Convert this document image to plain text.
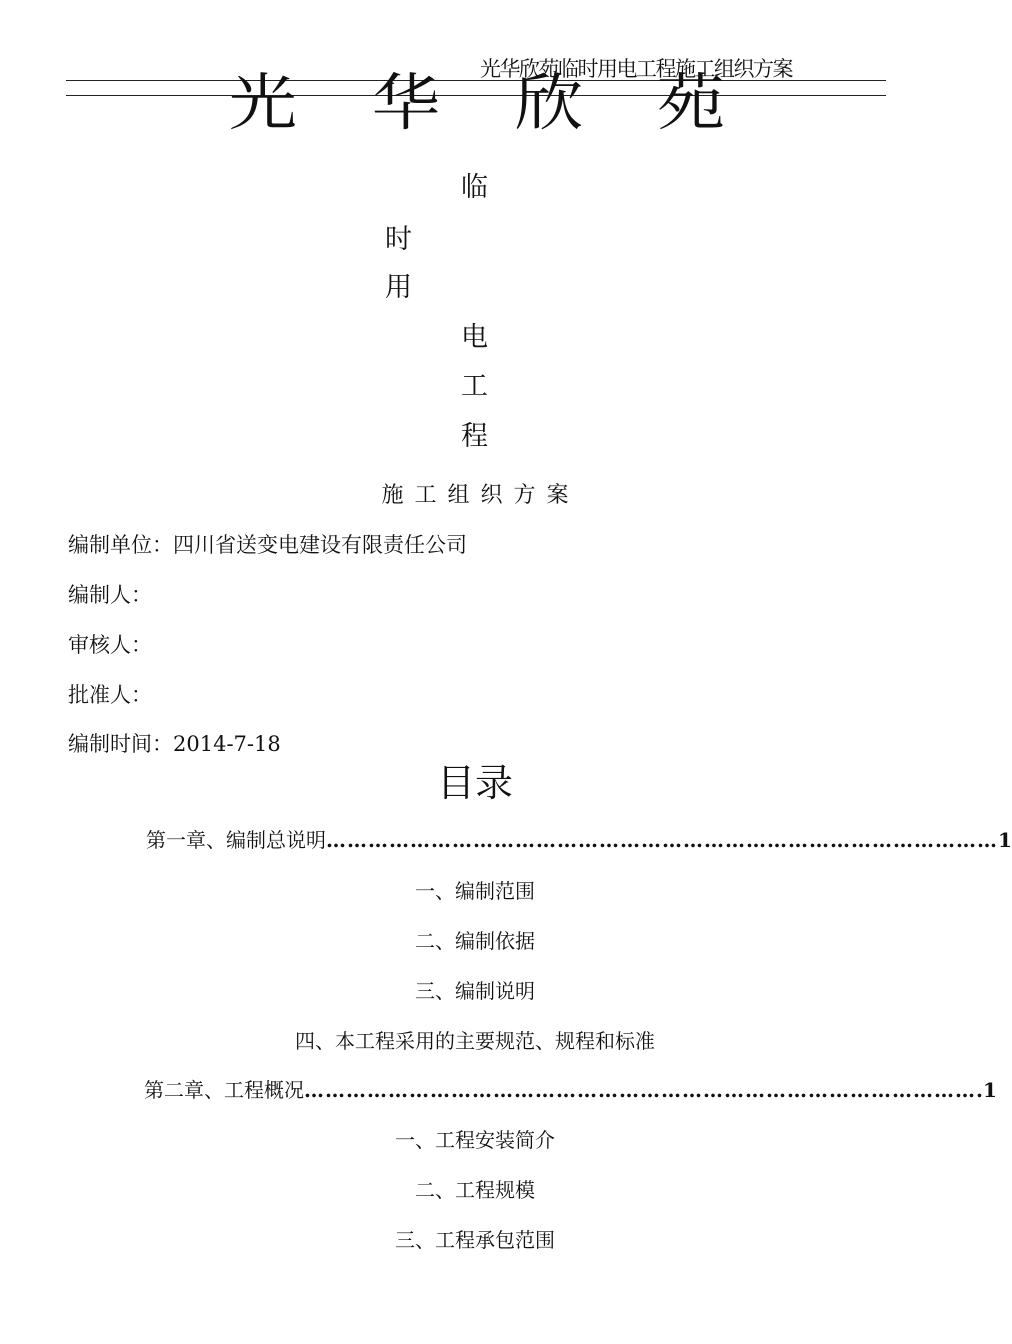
光华欣苑临时用电工程施工组织方案
光 华 欣 苑
临
时
用
电
工
程
施工组织方案
编制单位：四川省送变电建设有限责任公司
编制人：
审核人：
批准人：
编制时间：2014-7-18
目录
第一章、编制总说明 …………………………………………………………………………………… 1
一、编制范围
二、编制依据
三、编制说明
四、本工程采用的主要规范、规程和标准
第二章、工程概况 …………………………………………………………………………………… .1
一、工程安装简介
二、工程规模
三、工程承包范围
